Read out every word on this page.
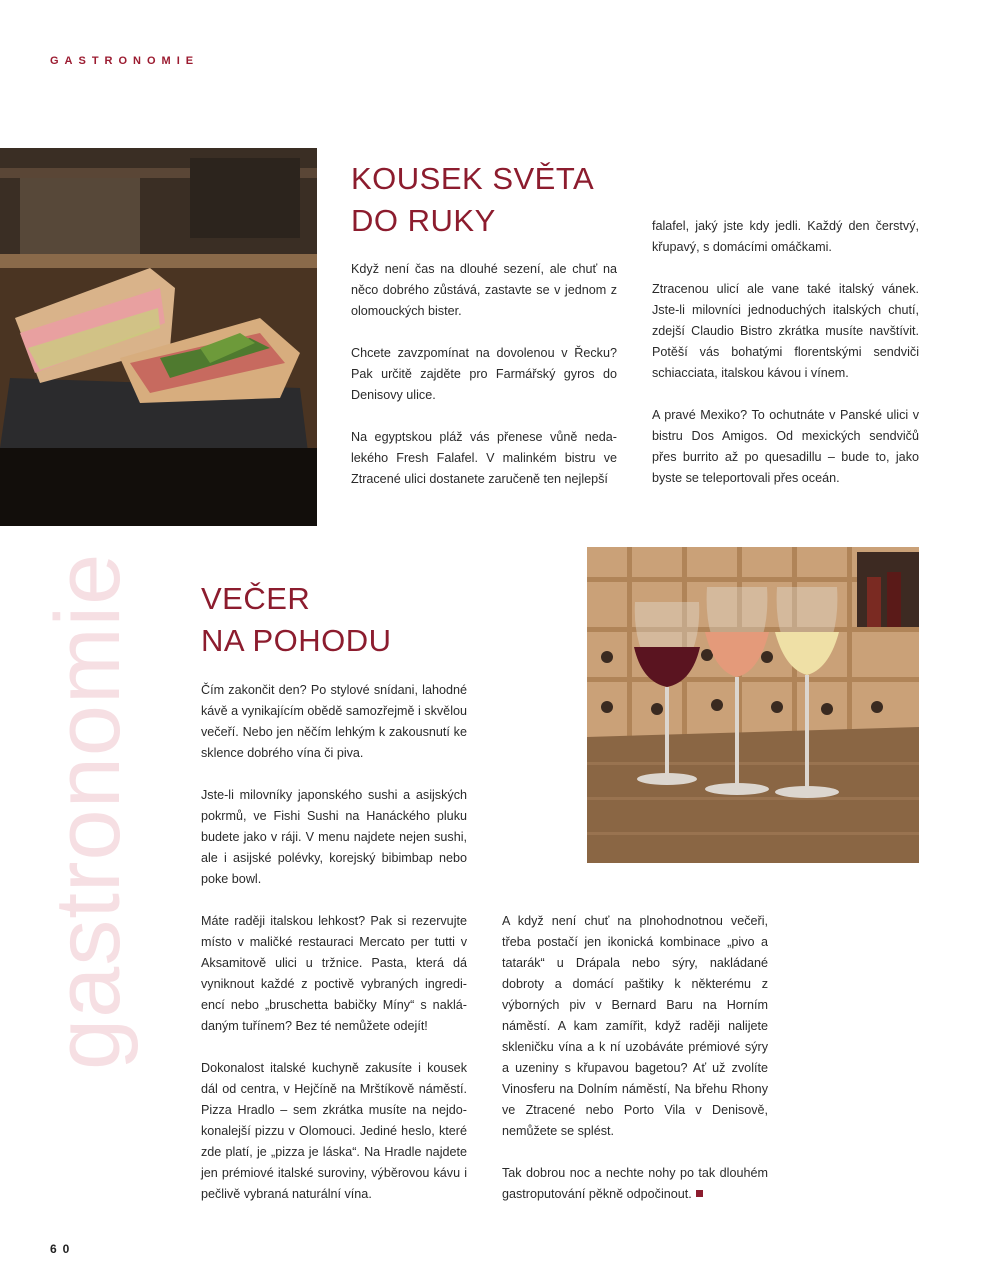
GASTRONOMIE
gastronomie
KOUSEK SVĚTA
DO RUKY

Když není čas na dlouhé sezení, ale chuť na něco dobrého zůstává, zastavte se v jednom z olomouckých bister.

Chcete zavzpomínat na dovolenou v Řecku? Pak určitě zajděte pro Farmářský gyros do Denisovy ulice.

Na egyptskou pláž vás přenese vůně neda-lekého Fresh Falafel. V malinkém bistru ve Ztracené ulici dostanete zaručeně ten nejlepší

falafel, jaký jste kdy jedli. Každý den čerstvý, křupavý, s domácími omáčkami.

Ztracenou ulicí ale vane také italský vánek. Jste-li milovníci jednoduchých italských chutí, zdejší Claudio Bistro zkrátka musíte navštívit. Potěší vás bohatými florentskými sendviči schiacciata, italskou kávou i vínem.

A pravé Mexiko? To ochutnáte v Panské ulici v bistru Dos Amigos. Od mexických sendvičů přes burrito až po quesadillu – bude to, jako byste se teleportovali přes oceán.

VEČER
NA POHODU

Čím zakončit den? Po stylové snídani, lahodné kávě a vynikajícím obědě samozřejmě i skvělou večeří. Nebo jen něčím lehkým k zakousnutí ke sklence dobrého vína či piva.

Jste-li milovníky japonského sushi a asijských pokrmů, ve Fishi Sushi na Hanáckého pluku budete jako v ráji. V menu najdete nejen sushi, ale i asijské polévky, korejský bibimbap nebo poke bowl.

Máte raději italskou lehkost? Pak si rezervujte místo v maličké restauraci Mercato per tutti v Aksamitově ulici u tržnice. Pasta, která dá vyniknout každé z poctivě vybraných ingredi-encí nebo „bruschetta babičky Míny“ s naklá-daným tuřínem? Bez té nemůžete odejít!

Dokonalost italské kuchyně zakusíte i kousek dál od centra, v Hejčíně na Mrštíkově náměstí. Pizza Hradlo – sem zkrátka musíte na nejdo-konalejší pizzu v Olomouci. Jediné heslo, které zde platí, je „pizza je láska“. Na Hradle najdete jen prémiové italské suroviny, výběrovou kávu i pečlivě vybraná naturální vína.

A když není chuť na plnohodnotnou večeři, třeba postačí jen ikonická kombinace „pivo a tatarák“ u Drápala nebo sýry, nakládané dobroty a domácí paštiky k některému z výborných piv v Bernard Baru na Horním náměstí. A kam zamířit, když raději nalijete skleničku vína a k ní uzobáváte prémiové sýry a uzeniny s křupavou bagetou? Ať už zvolíte Vinosferu na Dolním náměstí, Na břehu Rhony ve Ztracené nebo Porto Vila v Denisově, nemůžete se splést.

Tak dobrou noc a nechte nohy po tak dlouhém gastroputování pěkně odpočinout.

60
